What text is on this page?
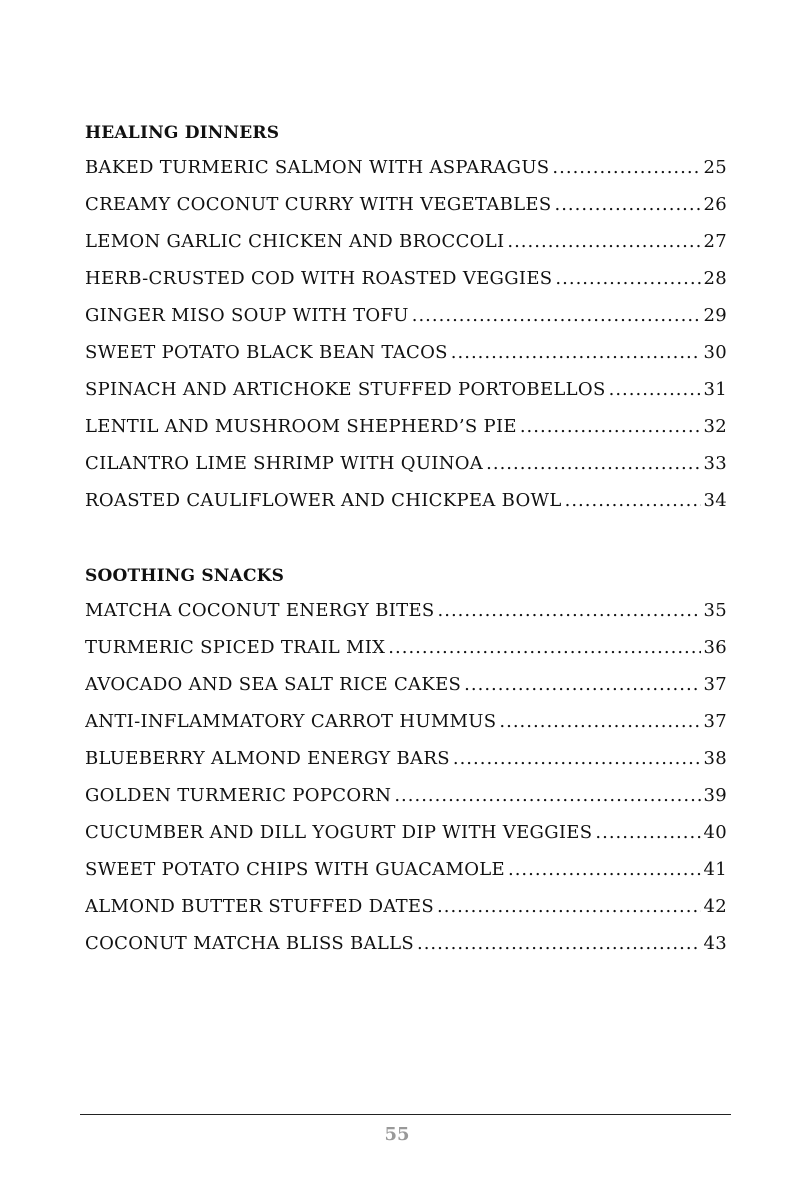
HEALING DINNERS
BAKED TURMERIC SALMON WITH ASPARAGUS .....	25
CREAMY COCONUT CURRY WITH VEGETABLES .....	26
LEMON GARLIC CHICKEN AND BROCCOLI .....	27
HERB-CRUSTED COD WITH ROASTED VEGGIES .....	28
GINGER MISO SOUP WITH TOFU .....	29
SWEET POTATO BLACK BEAN TACOS .....	30
SPINACH AND ARTICHOKE STUFFED PORTOBELLOS .....	31
LENTIL AND MUSHROOM SHEPHERD’S PIE .....	32
CILANTRO LIME SHRIMP WITH QUINOA .....	33
ROASTED CAULIFLOWER AND CHICKPEA BOWL .....	34
SOOTHING SNACKS
MATCHA COCONUT ENERGY BITES .....	35
TURMERIC SPICED TRAIL MIX .....	36
AVOCADO AND SEA SALT RICE CAKES .....	37
ANTI-INFLAMMATORY CARROT HUMMUS .....	37
BLUEBERRY ALMOND ENERGY BARS .....	38
GOLDEN TURMERIC POPCORN .....	39
CUCUMBER AND DILL YOGURT DIP WITH VEGGIES .....	40
SWEET POTATO CHIPS WITH GUACAMOLE .....	41
ALMOND BUTTER STUFFED DATES .....	42
COCONUT MATCHA BLISS BALLS .....	43
55
